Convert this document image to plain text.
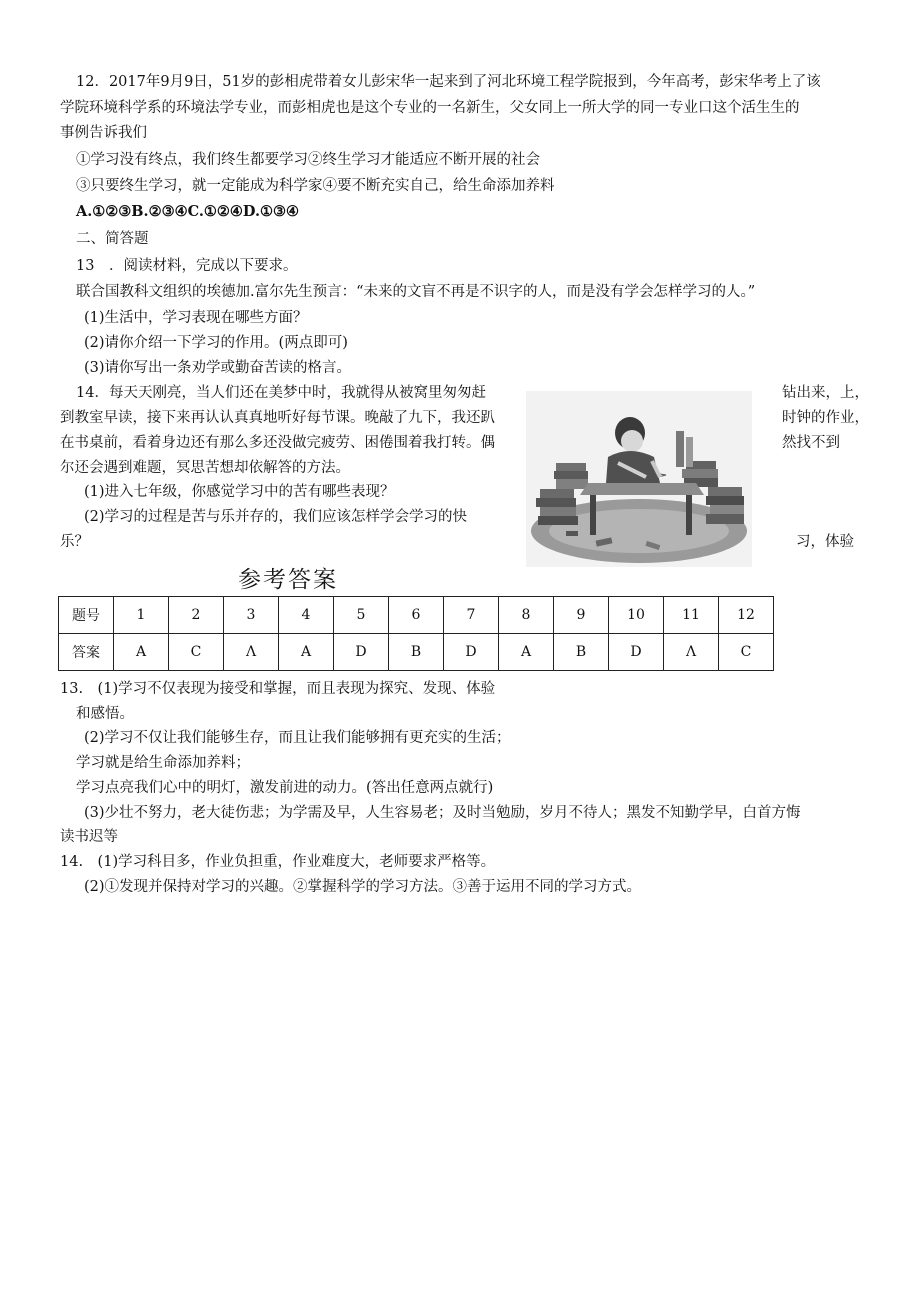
12．2017年9月9日，51岁的彭相虎带着女儿彭宋华一起来到了河北环境工程学院报到，今年高考，彭宋华考上了该
学院环境科学系的环境法学专业，而彭相虎也是这个专业的一名新生，父女同上一所大学的同一专业口这个活生生的
事例告诉我们
①学习没有终点，我们终生都要学习②终生学习才能适应不断开展的社会
③只要终生学习，就一定能成为科学家④要不断充实自己，给生命添加养料
A.①②③B.②③④C.①②④D.①③④
二、简答题
13　．阅读材料，完成以下要求。
联合国教科文组织的埃德加.富尔先生预言：“未来的文盲不再是不识字的人，而是没有学会怎样学习的人。”
(1)生活中，学习表现在哪些方面？
(2)请你介绍一下学习的作用。(两点即可)
(3)请你写出一条劝学或勤奋苦读的格言。
14．每天天刚亮，当人们还在美梦中时，我就得从被窝里匆匆赶	钻出来，上，
到教室早读，接下来再认认真真地听好每节课。晚敲了九下，我还趴	时钟的作业，
在书桌前，看着身边还有那么多还没做完疲劳、困倦围着我打转。偶	然找不到
尔还会遇到难题，冥思苦想却依解答的方法。
(1)进入七年级，你感觉学习中的苦有哪些表现？
(2)学习的过程是苦与乐并存的，我们应该怎样学会学习的快
乐？	习，体验
参考答案
题号	1	2	3	4	5	6	7	8	9	10	11	12
答案	A	C	Λ	A	D	B	D	A	B	D	Λ	C
13.　(1)学习不仅表现为接受和掌握，而且表现为探究、发现、体验
和感悟。
(2)学习不仅让我们能够生存，而且让我们能够拥有更充实的生活；
学习就是给生命添加养料；
学习点亮我们心中的明灯，激发前进的动力。(答出任意两点就行)
(3)少壮不努力，老大徒伤悲；为学需及早，人生容易老；及时当勉励，岁月不待人；黑发不知勤学早，白首方悔
读书迟等
14.　(1)学习科目多，作业负担重，作业难度大，老师要求严格等。
(2)①发现并保持对学习的兴趣。②掌握科学的学习方法。③善于运用不同的学习方式。
